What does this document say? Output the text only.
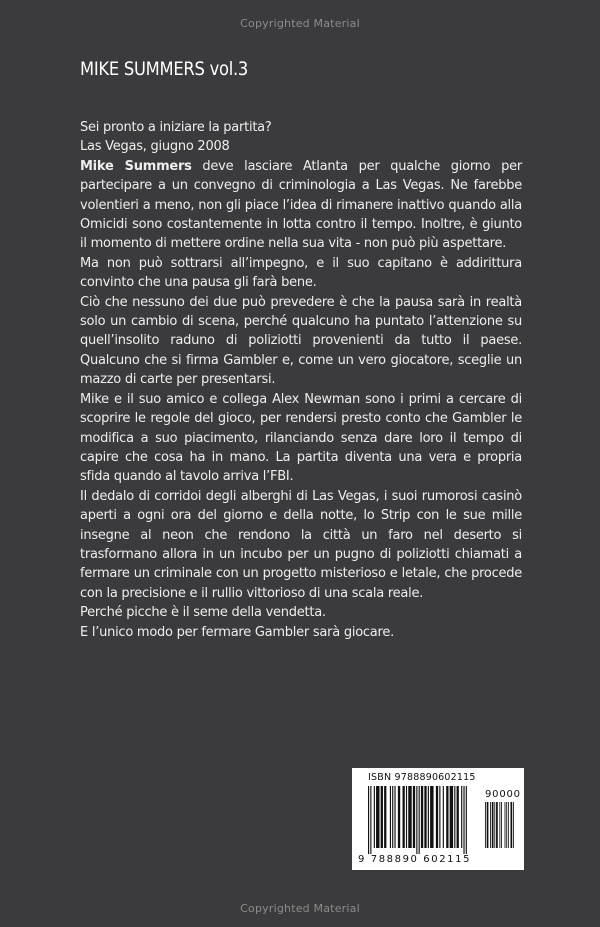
Copyrighted Material
MIKE SUMMERS vol.3

Sei pronto a iniziare la partita?

Las Vegas, giugno 2008

Mike Summers deve lasciare Atlanta per qualche giorno per partecipare a un convegno di criminologia a Las Vegas. Ne farebbe volentieri a meno, non gli piace l’idea di rimanere inattivo quando alla Omicidi sono costantemente in lotta contro il tempo. Inoltre, è giunto il momento di mettere ordine nella sua vita - non può più aspettare.

Ma non può sottrarsi all’impegno, e il suo capitano è addirittura convinto che una pausa gli farà bene.

Ciò che nessuno dei due può prevedere è che la pausa sarà in realtà solo un cambio di scena, perché qualcuno ha puntato l’attenzione su quell’insolito raduno di poliziotti provenienti da tutto il paese. Qualcuno che si firma Gambler e, come un vero giocatore, sceglie un mazzo di carte per presentarsi.

Mike e il suo amico e collega Alex Newman sono i primi a cercare di scoprire le regole del gioco, per rendersi presto conto che Gambler le modifica a suo piacimento, rilanciando senza dare loro il tempo di capire che cosa ha in mano. La partita diventa una vera e propria sfida quando al tavolo arriva l’FBI.

Il dedalo di corridoi degli alberghi di Las Vegas, i suoi rumorosi casinò aperti a ogni ora del giorno e della notte, lo Strip con le sue mille insegne al neon che rendono la città un faro nel deserto si trasformano allora in un incubo per un pugno di poliziotti chiamati a fermare un criminale con un progetto misterioso e letale, che procede con la precisione e il rullio vittorioso di una scala reale.

Perché picche è il seme della vendetta.

E l’unico modo per fermare Gambler sarà giocare.

ISBN 9788890602115
90000
9 788890 602115
Copyrighted Material
